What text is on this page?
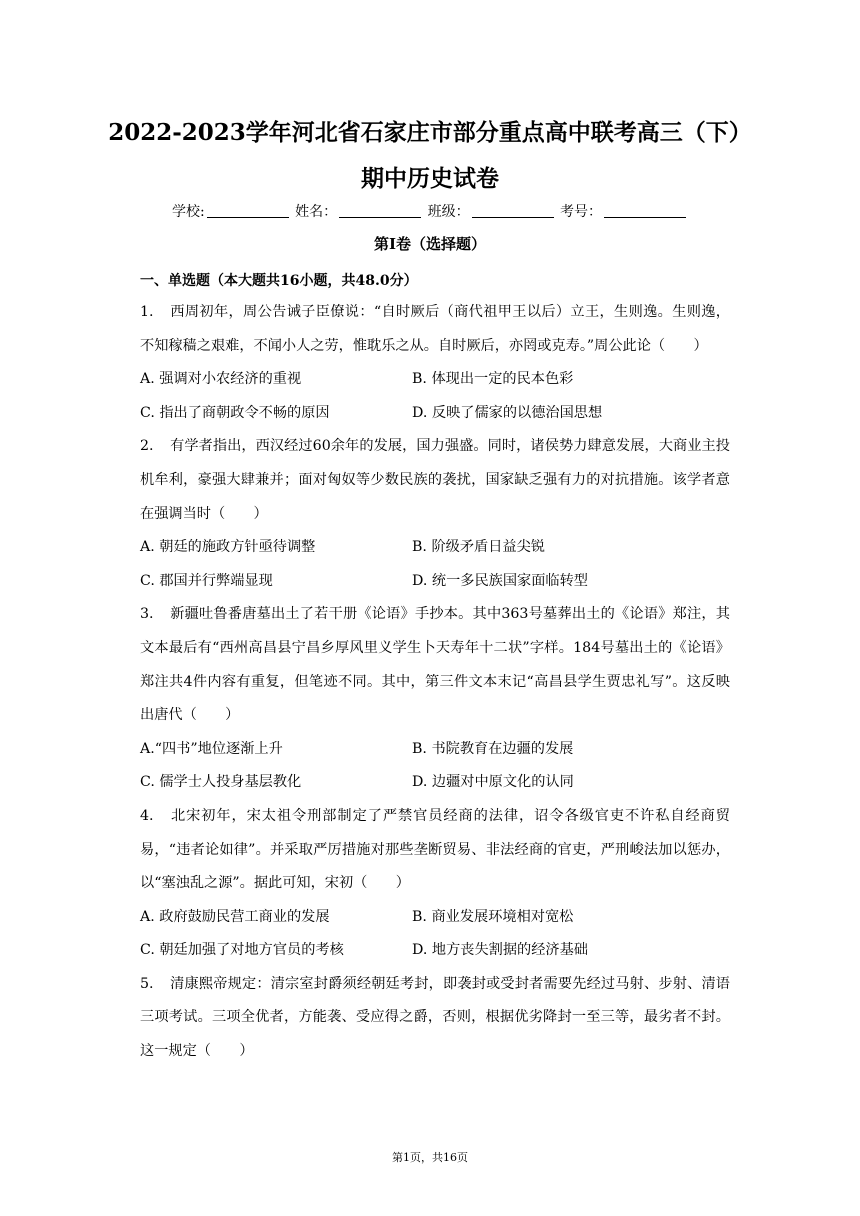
2022-2023学年河北省石家庄市部分重点高中联考高三（下）期中历史试卷
学校:	姓名：	班级：	考号：
第I卷（选择题）

一、单选题（本大题共16小题，共48.0分）

1. 西周初年，周公告诫子臣僚说：“自时厥后（商代祖甲王以后）立王，生则逸。生则逸，不知稼穑之艰难，不闻小人之劳，惟耽乐之从。自时厥后，亦罔或克寿。”周公此论（　　）

A. 强调对小农经济的重视	B. 体现出一定的民本色彩
C. 指出了商朝政令不畅的原因	D. 反映了儒家的以德治国思想

2. 有学者指出，西汉经过60余年的发展，国力强盛。同时，诸侯势力肆意发展，大商业主投机牟利，豪强大肆兼并；面对匈奴等少数民族的袭扰，国家缺乏强有力的对抗措施。该学者意在强调当时（　　）

A. 朝廷的施政方针亟待调整	B. 阶级矛盾日益尖锐
C. 郡国并行弊端显现	D. 统一多民族国家面临转型

3. 新疆吐鲁番唐墓出土了若干册《论语》手抄本。其中363号墓葬出土的《论语》郑注，其文本最后有“西州高昌县宁昌乡厚风里义学生卜天寿年十二状”字样。184号墓出土的《论语》郑注共4件内容有重复，但笔迹不同。其中，第三件文本末记“高昌县学生贾忠礼写”。这反映出唐代（　　）

A.“四书”地位逐渐上升	B. 书院教育在边疆的发展
C. 儒学士人投身基层教化	D. 边疆对中原文化的认同

4. 北宋初年，宋太祖令刑部制定了严禁官员经商的法律，诏令各级官吏不许私自经商贸易，“违者论如律”。并采取严厉措施对那些垄断贸易、非法经商的官吏，严刑峻法加以惩办，以“塞浊乱之源”。据此可知，宋初（　　）

A. 政府鼓励民营工商业的发展	B. 商业发展环境相对宽松
C. 朝廷加强了对地方官员的考核	D. 地方丧失割据的经济基础

5. 清康熙帝规定：清宗室封爵须经朝廷考封，即袭封或受封者需要先经过马射、步射、清语三项考试。三项全优者，方能袭、受应得之爵，否则，根据优劣降封一至三等，最劣者不封。这一规定（　　）

第1页，共16页
